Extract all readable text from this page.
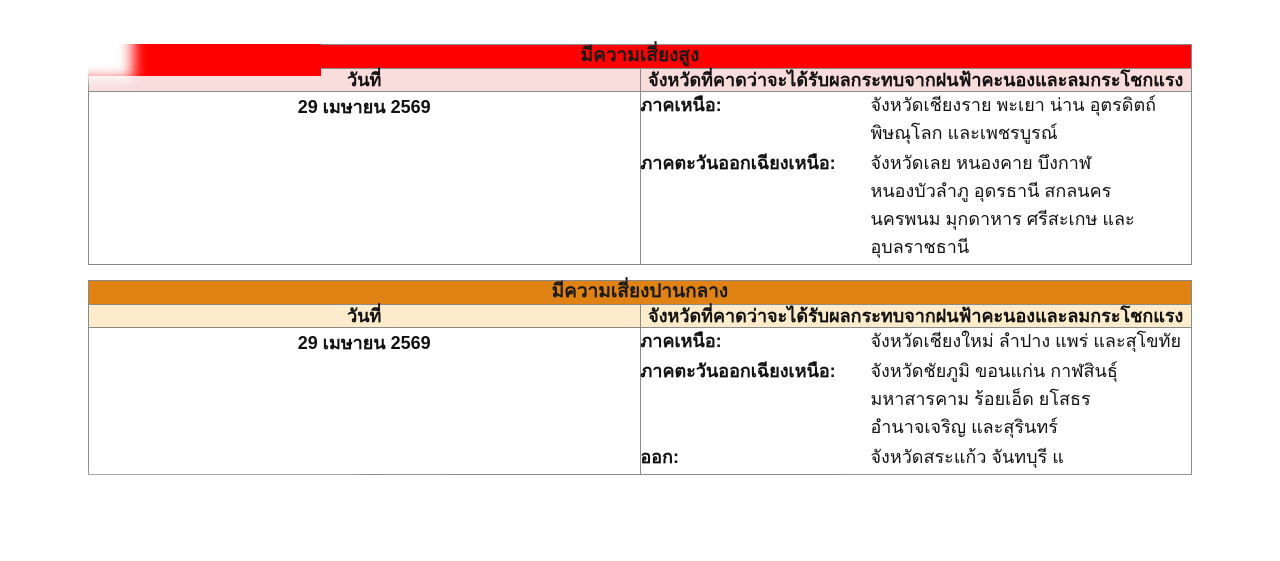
มีความเสี่ยงสูง	
วันที่	จังหวัดที่คาดว่าจะได้รับผลกระทบจากฝนฟ้าคะนองและลมกระโชกแรง
29 เมษายน 2569	ภาคเหนือ: จังหวัดเชียงราย พะเยา น่าน อุตรดิตถ์ พิษณุโลก และเพชรบูรณ์
ภาคตะวันออกเฉียงเหนือ: จังหวัดเลย หนองคาย บึงกาฬ หนองบัวลำภู อุดรธานี สกลนคร
นครพนม มุกดาหาร ศรีสะเกษ และอุบลราชธานี
มีความเสี่ยงปานกลาง	
วันที่	จังหวัดที่คาดว่าจะได้รับผลกระทบจากฝนฟ้าคะนองและลมกระโชกแรง
29 เมษายน 2569	ภาคเหนือ:	จังหวัดเชียงใหม่ ลำปาง แพร่ และสุโขทัย
ภาคตะวันออกเฉียงเหนือ:	จังหวัดชัยภูมิ ขอนแก่น กาฬสินธุ์ มหาสารคาม ร้อยเอ็ด ยโสธร
อำนาจเจริญ และสุรินทร์
ออก:	จังหวัดสระแก้ว จันทบุรี แ
